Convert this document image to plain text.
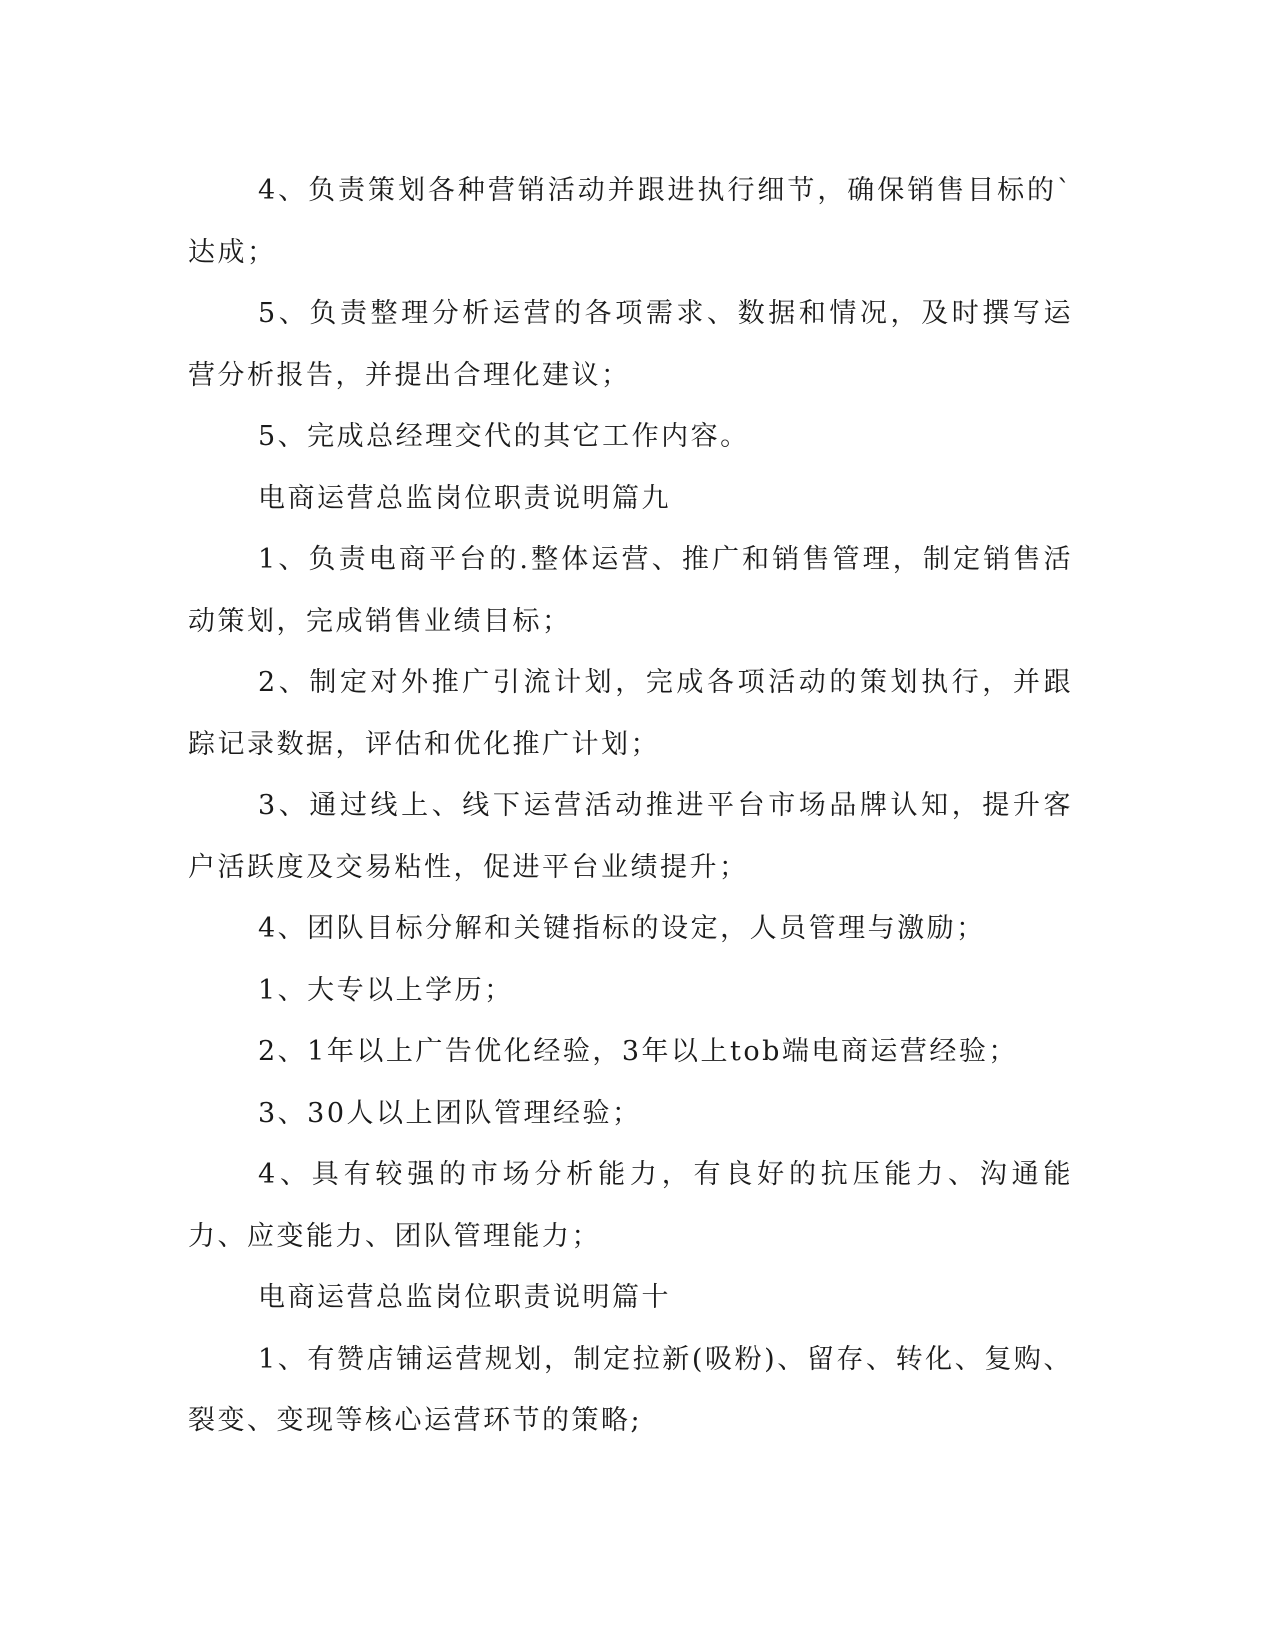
4、负责策划各种营销活动并跟进执行细节，确保销售目标的`达成；

5、负责整理分析运营的各项需求、数据和情况，及时撰写运营分析报告，并提出合理化建议；

5、完成总经理交代的其它工作内容。

电商运营总监岗位职责说明篇九

1、负责电商平台的.整体运营、推广和销售管理，制定销售活动策划，完成销售业绩目标；

2、制定对外推广引流计划，完成各项活动的策划执行，并跟踪记录数据，评估和优化推广计划；

3、通过线上、线下运营活动推进平台市场品牌认知，提升客户活跃度及交易粘性，促进平台业绩提升；

4、团队目标分解和关键指标的设定，人员管理与激励；

1、大专以上学历；

2、1年以上广告优化经验，3年以上tob端电商运营经验；

3、30人以上团队管理经验；

4、具有较强的市场分析能力，有良好的抗压能力、沟通能力、应变能力、团队管理能力；

电商运营总监岗位职责说明篇十

1、有赞店铺运营规划，制定拉新(吸粉)、留存、转化、复购、裂变、变现等核心运营环节的策略;
